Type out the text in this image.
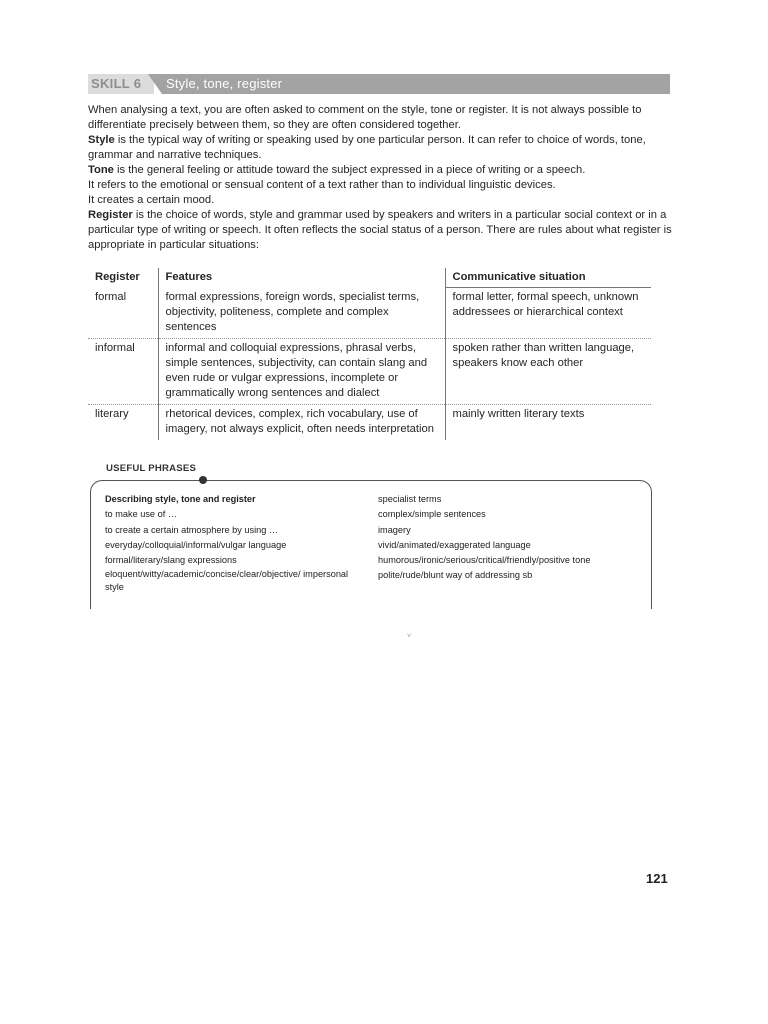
SKILL 6 Style, tone, register

When analysing a text, you are often asked to comment on the style, tone or register. It is not always possible to differentiate precisely between them, so they are often considered together.

Style is the typical way of writing or speaking used by one particular person. It can refer to choice of words, tone, grammar and narrative techniques.

Tone is the general feeling or attitude toward the subject expressed in a piece of writing or a speech.

It refers to the emotional or sensual content of a text rather than to individual linguistic devices.

It creates a certain mood.

Register is the choice of words, style and grammar used by speakers and writers in a particular social context or in a particular type of writing or speech. It often reflects the social status of a person. There are rules about what register is appropriate in particular situations:

Register	Features	Communicative situation
formal	formal expressions, foreign words, specialist terms, objectivity, politeness, complete and complex sentences	formal letter, formal speech, unknown addressees or hierarchical context
informal	informal and colloquial expressions, phrasal verbs, simple sentences, subjectivity, can contain slang and even rude or vulgar expressions, incomplete or grammatically wrong sentences and dialect	spoken rather than written language, speakers know each other
literary	rhetorical devices, complex, rich vocabulary, use of imagery, not always explicit, often needs interpretation	mainly written literary texts
USEFUL PHRASES
Describing style, tone and register
to make use of …
to create a certain atmosphere by using …
everyday/colloquial/informal/vulgar language
formal/literary/slang expressions
eloquent/witty/academic/concise/clear/objective/ impersonal style
specialist terms
complex/simple sentences
imagery
vivid/animated/exaggerated language
humorous/ironic/serious/critical/friendly/positive tone
polite/rude/blunt way of addressing sb
˅
121
